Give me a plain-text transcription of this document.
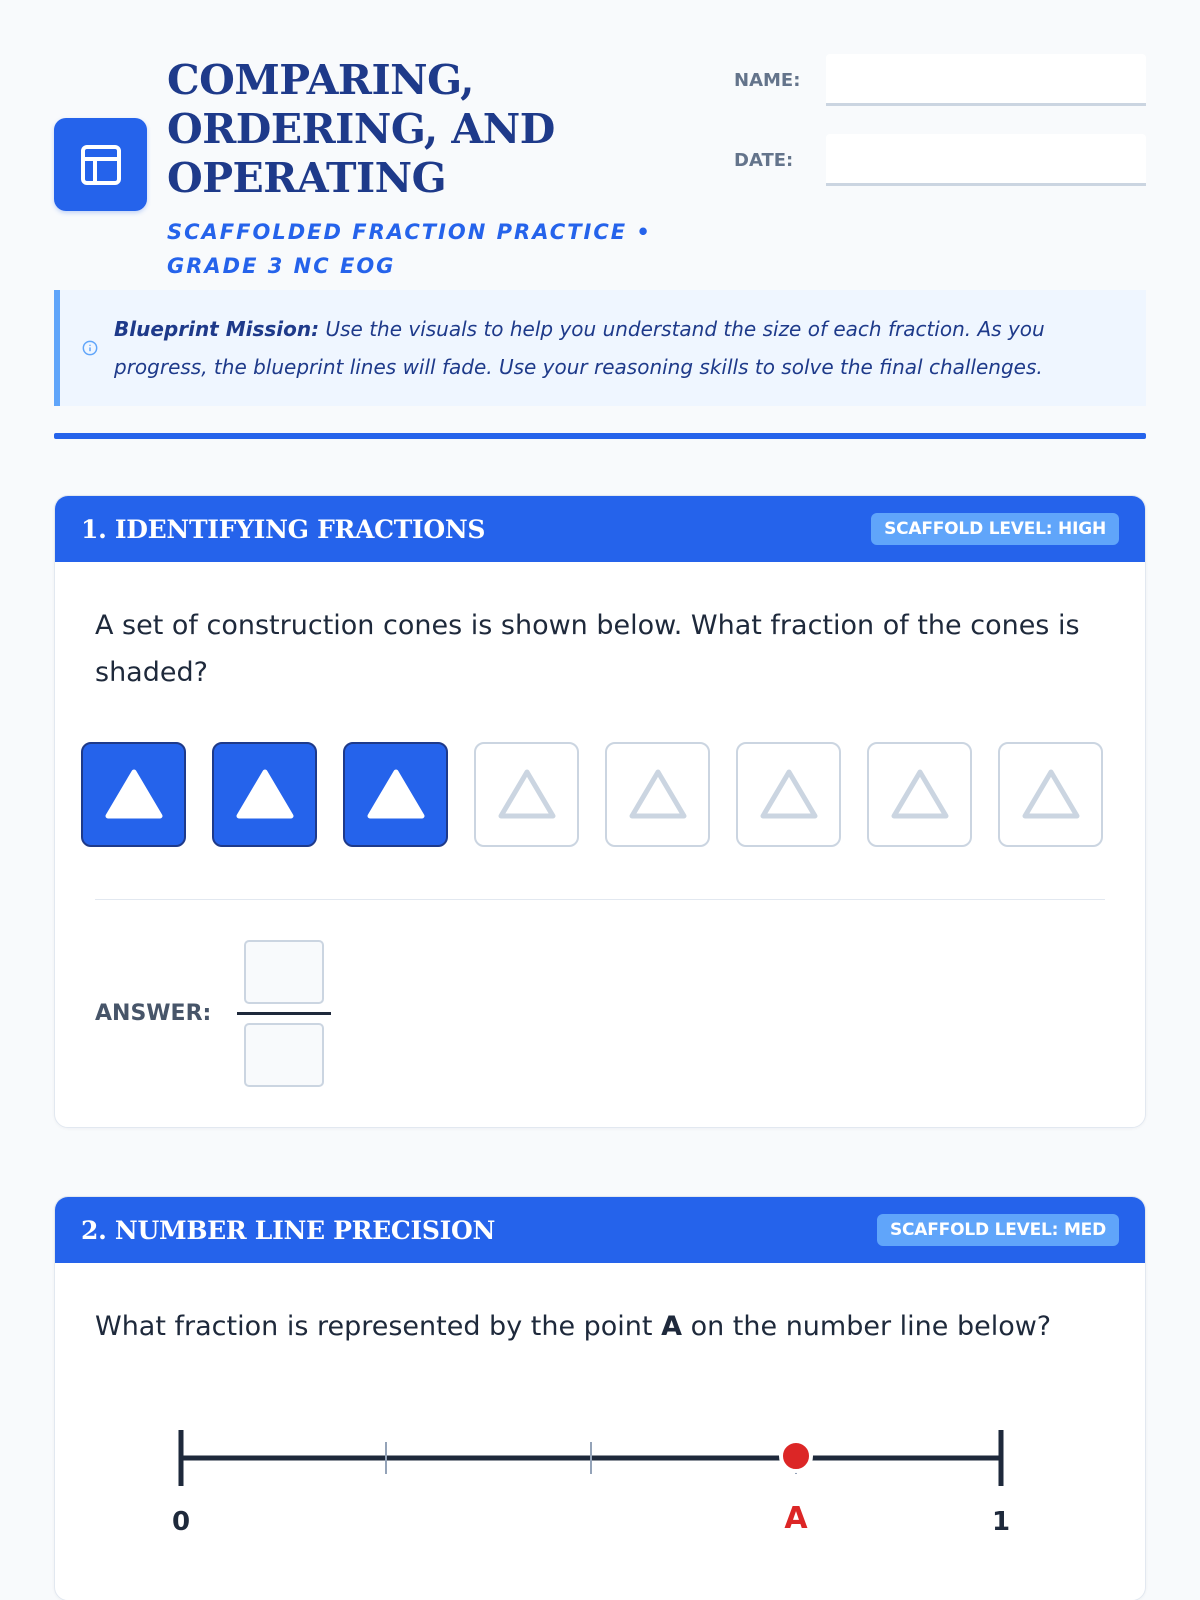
COMPARING, ORDERING, AND OPERATING
SCAFFOLDED FRACTION PRACTICE • GRADE 3 NC EOG
NAME:
DATE:

Blueprint Mission: Use the visuals to help you understand the size of each fraction. As you progress, the blueprint lines will fade. Use your reasoning skills to solve the final challenges.

1. IDENTIFYING FRACTIONS	SCAFFOLD LEVEL: HIGH

A set of construction cones is shown below. What fraction of the cones is shaded?

ANSWER:
2. NUMBER LINE PRECISION	SCAFFOLD LEVEL: MED

What fraction is represented by the point A on the number line below?

0	1
A
